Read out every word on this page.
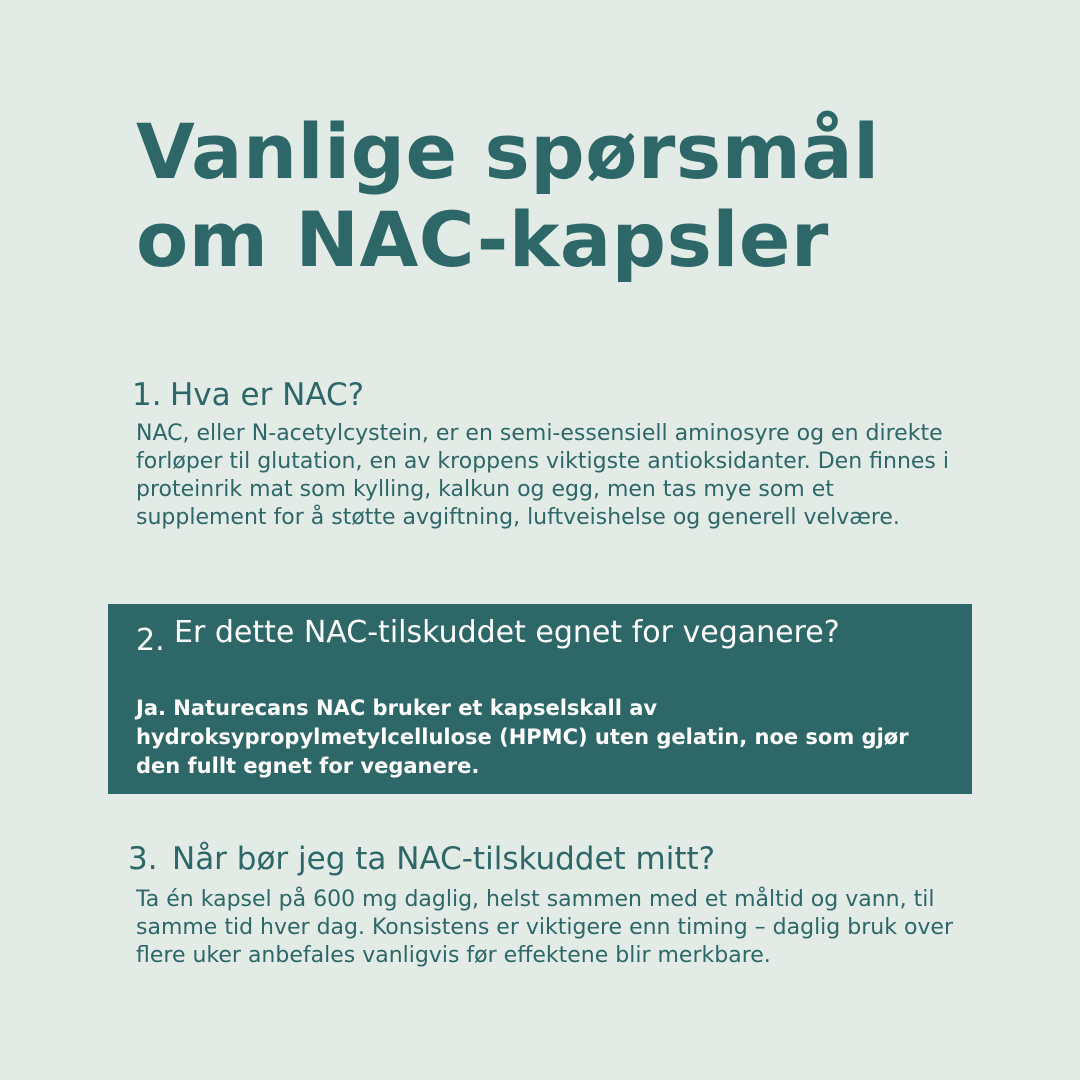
Vanlige spørsmål
om NAC-kapsler
1. Hva er NAC?

NAC, eller N-acetylcystein, er en semi-essensiell aminosyre og en direkte forløper til glutation, en av kroppens viktigste antioksidanter. Den finnes i proteinrik mat som kylling, kalkun og egg, men tas mye som et supplement for å støtte avgiftning, luftveishelse og generell velvære.

2. Er dette NAC-tilskuddet egnet for veganere?

Ja. Naturecans NAC bruker et kapselskall av hydroksypropylmetylcellulose (HPMC) uten gelatin, noe som gjør den fullt egnet for veganere.

3. Når bør jeg ta NAC-tilskuddet mitt?

Ta én kapsel på 600 mg daglig, helst sammen med et måltid og vann, til samme tid hver dag. Konsistens er viktigere enn timing – daglig bruk over flere uker anbefales vanligvis før effektene blir merkbare.
